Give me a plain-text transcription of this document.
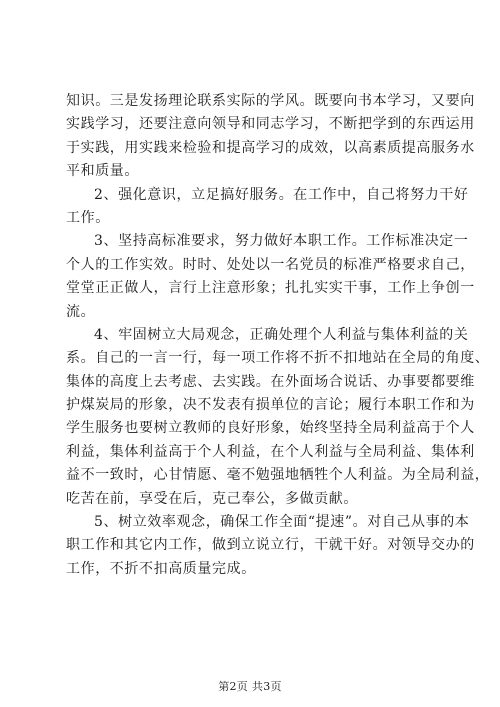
知识。三是发扬理论联系实际的学风。既要向书本学习，又要向
实践学习，还要注意向领导和同志学习，不断把学到的东西运用
于实践，用实践来检验和提高学习的成效，以高素质提高服务水
平和质量。
2、强化意识，立足搞好服务。在工作中，自己将努力干好
工作。
3、坚持高标准要求，努力做好本职工作。工作标准决定一
个人的工作实效。时时、处处以一名党员的标准严格要求自己，
堂堂正正做人，言行上注意形象；扎扎实实干事，工作上争创一
流。
4、牢固树立大局观念，正确处理个人利益与集体利益的关
系。自己的一言一行，每一项工作将不折不扣地站在全局的角度、
集体的高度上去考虑、去实践。在外面场合说话、办事要都要维
护煤炭局的形象，决不发表有损单位的言论；履行本职工作和为
学生服务也要树立教师的良好形象，始终坚持全局利益高于个人
利益，集体利益高于个人利益，在个人利益与全局利益、集体利
益不一致时，心甘情愿、毫不勉强地牺牲个人利益。为全局利益，
吃苦在前，享受在后，克己奉公，多做贡献。
5、树立效率观念，确保工作全面“提速”。对自己从事的本
职工作和其它内工作，做到立说立行，干就干好。对领导交办的
工作，不折不扣高质量完成。
第2页 共3页
